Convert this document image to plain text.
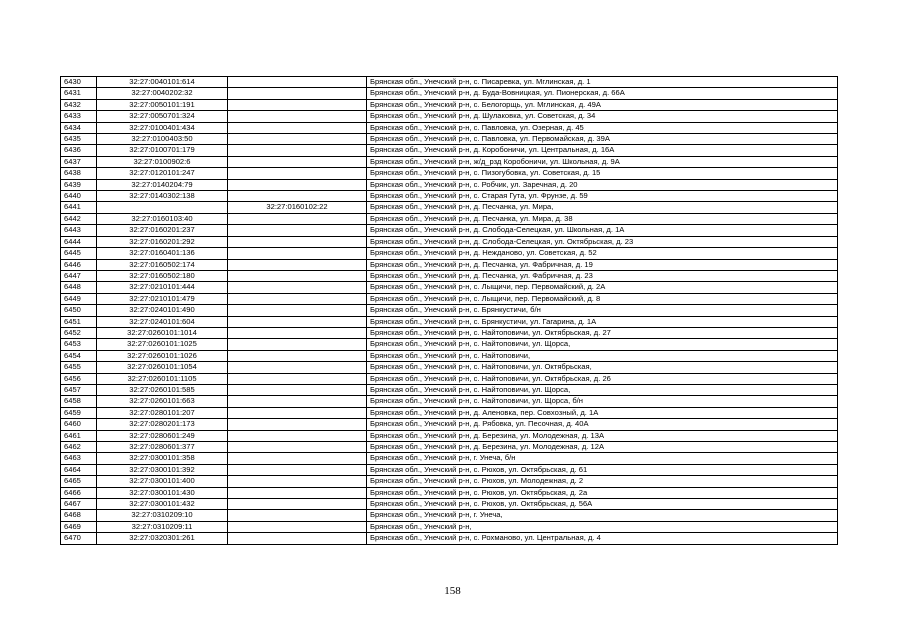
6430	32:27:0040101:614		Брянская обл., Унечский р-н, с. Писаревка, ул. Мглинская, д. 1
6431	32:27:0040202:32		Брянская обл., Унечский р-н, д. Буда-Вовницкая, ул. Пионерская, д. 66А
6432	32:27:0050101:191		Брянская обл., Унечский р-н, с. Белогорщь, ул. Мглинская, д. 49А
6433	32:27:0050701:324		Брянская обл., Унечский р-н, д. Шулаковка, ул. Советская, д. 34
6434	32:27:0100401:434		Брянская обл., Унечский р-н, с. Павловка, ул. Озерная, д. 45
6435	32:27:0100403:50		Брянская обл., Унечский р-н, с. Павловка, ул. Первомайская, д. 39А
6436	32:27:0100701:179		Брянская обл., Унечский р-н, д. Коробоничи, ул. Центральная, д. 16А
6437	32:27:0100902:6		Брянская обл., Унечский р-н, ж/д_рзд Коробоничи, ул. Школьная, д. 9А
6438	32:27:0120101:247		Брянская обл., Унечский р-н, с. Пизогубовка, ул. Советская, д. 15
6439	32:27:0140204:79		Брянская обл., Унечский р-н, с. Робчик, ул. Заречная, д. 20
6440	32:27:0140302:138		Брянская обл., Унечский р-н, с. Старая Гута, ул. Фрунзе, д. 59
6441		32:27:0160102:22	Брянская обл., Унечский р-н, д. Песчанка, ул. Мира,
6442	32:27:0160103:40		Брянская обл., Унечский р-н, д. Песчанка, ул. Мира, д. 38
6443	32:27:0160201:237		Брянская обл., Унечский р-н, д. Слобода-Селецкая, ул. Школьная, д. 1А
6444	32:27:0160201:292		Брянская обл., Унечский р-н, д. Слобода-Селецкая, ул. Октябрьская, д. 23
6445	32:27:0160401:136		Брянская обл., Унечский р-н, д. Нежданово, ул. Советская, д. 52
6446	32:27:0160502:174		Брянская обл., Унечский р-н, д. Песчанка, ул. Фабричная, д. 19
6447	32:27:0160502:180		Брянская обл., Унечский р-н, д. Песчанка, ул. Фабричная, д. 23
6448	32:27:0210101:444		Брянская обл., Унечский р-н, с. Лыщичи, пер. Первомайский, д. 2А
6449	32:27:0210101:479		Брянская обл., Унечский р-н, с. Лыщичи, пер. Первомайский, д. 8
6450	32:27:0240101:490		Брянская обл., Унечский р-н, с. Брянкустичи, б/н
6451	32:27:0240101:604		Брянская обл., Унечский р-н, с. Брянкустичи, ул. Гагарина, д. 1А
6452	32:27:0260101:1014		Брянская обл., Унечский р-н, с. Найтоповичи, ул. Октябрьская, д. 27
6453	32:27:0260101:1025		Брянская обл., Унечский р-н, с. Найтоповичи, ул. Щорса,
6454	32:27:0260101:1026		Брянская обл., Унечский р-н, с. Найтоповичи,
6455	32:27:0260101:1054		Брянская обл., Унечский р-н, с. Найтоповичи, ул. Октябрьская,
6456	32:27:0260101:1105		Брянская обл., Унечский р-н, с. Найтоповичи, ул. Октябрьская, д. 26
6457	32:27:0260101:585		Брянская обл., Унечский р-н, с. Найтоповичи, ул. Щорса,
6458	32:27:0260101:663		Брянская обл., Унечский р-н, с. Найтоповичи, ул. Щорса, б/н
6459	32:27:0280101:207		Брянская обл., Унечский р-н, д. Аленовка, пер. Совхозный, д. 1А
6460	32:27:0280201:173		Брянская обл., Унечский р-н, д. Рябовка, ул. Песочная, д. 40А
6461	32:27:0280601:249		Брянская обл., Унечский р-н, д. Березина, ул. Молодежная, д. 13А
6462	32:27:0280601:377		Брянская обл., Унечский р-н, д. Березина, ул. Молодежная, д. 12А
6463	32:27:0300101:358		Брянская обл., Унечский р-н, г. Унеча, б/н
6464	32:27:0300101:392		Брянская обл., Унечский р-н, с. Рюхов, ул. Октябрьская, д. 61
6465	32:27:0300101:400		Брянская обл., Унечский р-н, с. Рюхов, ул. Молодежная, д. 2
6466	32:27:0300101:430		Брянская обл., Унечский р-н, с. Рюхов, ул. Октябрьская, д. 2а
6467	32:27:0300101:432		Брянская обл., Унечский р-н, с. Рюхов, ул. Октябрьская, д. 56А
6468	32:27:0310209:10		Брянская обл., Унечский р-н, г. Унеча,
6469	32:27:0310209:11		Брянская обл., Унечский р-н,
6470	32:27:0320301:261		Брянская обл., Унечский р-н, с. Рохманово, ул. Центральная, д. 4
158
